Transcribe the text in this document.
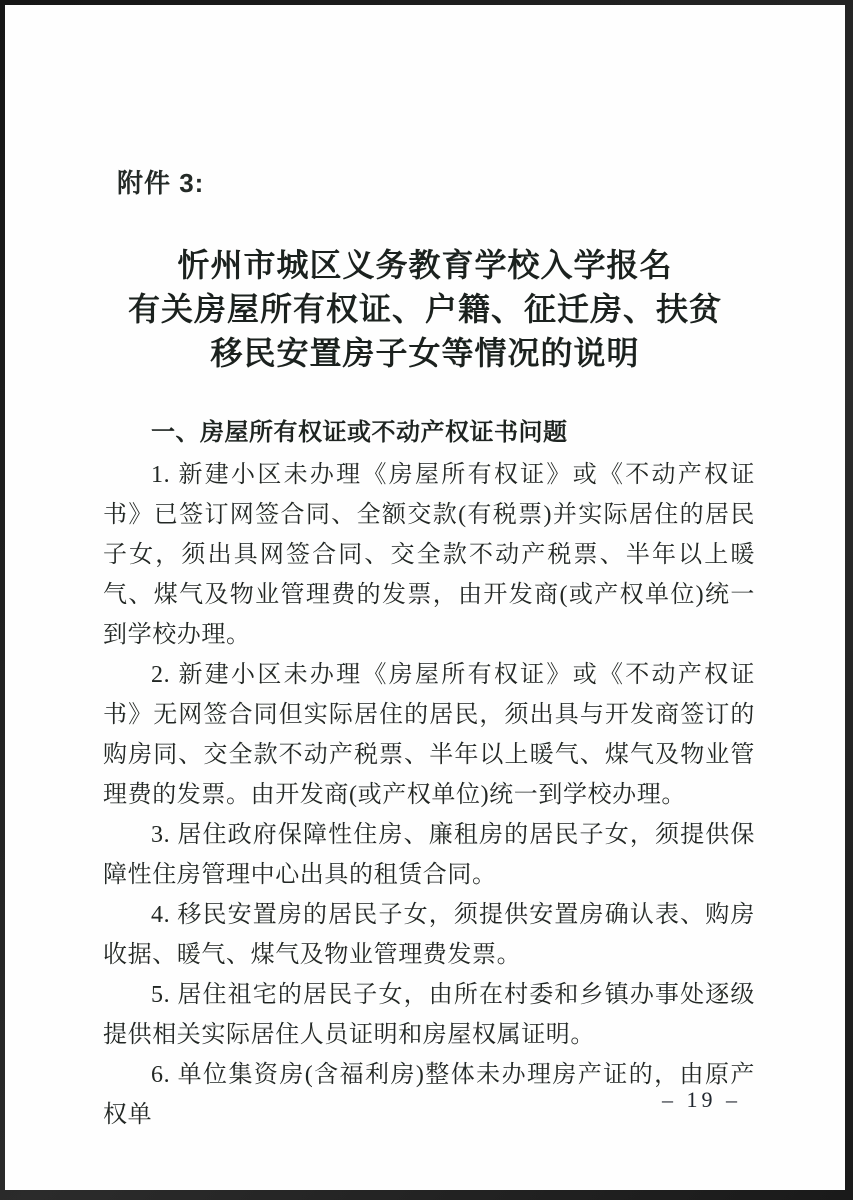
附件 3:
忻州市城区义务教育学校入学报名
有关房屋所有权证、户籍、征迁房、扶贫
移民安置房子女等情况的说明
一、房屋所有权证或不动产权证书问题

1. 新建小区未办理《房屋所有权证》或《不动产权证书》已签订网签合同、全额交款(有税票)并实际居住的居民子女，须出具网签合同、交全款不动产税票、半年以上暖气、煤气及物业管理费的发票，由开发商(或产权单位)统一到学校办理。

2. 新建小区未办理《房屋所有权证》或《不动产权证书》无网签合同但实际居住的居民，须出具与开发商签订的购房同、交全款不动产税票、半年以上暖气、煤气及物业管理费的发票。由开发商(或产权单位)统一到学校办理。

3. 居住政府保障性住房、廉租房的居民子女，须提供保障性住房管理中心出具的租赁合同。

4. 移民安置房的居民子女，须提供安置房确认表、购房收据、暖气、煤气及物业管理费发票。

5. 居住祖宅的居民子女，由所在村委和乡镇办事处逐级提供相关实际居住人员证明和房屋权属证明。

6. 单位集资房(含福利房)整体未办理房产证的，由原产权单

– 19 –
